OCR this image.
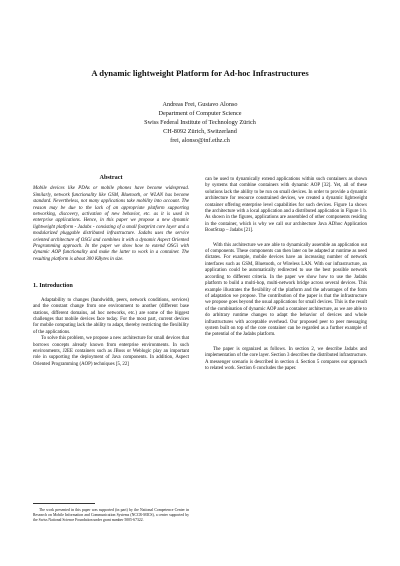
A dynamic lightweight Platform for Ad-hoc Infrastructures
Andreas Frei, Gustavo Alonso
Department of Computer Science
Swiss Federal Institute of Technology Zürich
CH-8092 Zürich, Switzerland
frei, alonso@inf.ethz.ch
Abstract

Mobile devices like PDAs or mobile phones have become widespread. Similarly, network functionality like GSM, Bluetooth, or WLAN has become standard. Nevertheless, not many applications take mobility into account. The reason may be due to the lack of an appropriate platform supporting networking, discovery, activation of new behavior, etc. as it is used in enterprise applications. Hence, in this paper we propose a new dynamic lightweight platform - Jadabs - consisting of a small footprint core layer and a modularized pluggable distributed infrastructure. Jadabs uses the service oriented architecture of OSGi and combines it with a dynamic Aspect Oriented Programming approach. In the paper we show how to extend OSGi with dynamic AOP functionality and make the latter to work in a container. The resulting platform is about 300 KBytes in size.

1. Introduction

Adaptability to changes (bandwidth, peers, network conditions, services) and the constant change from one environment to another (different base stations, different domains, ad hoc networks, etc.) are some of the biggest challenges that mobile devices face today. For the most part, current devices for mobile computing lack the ability to adapt, thereby restricting the flexibility of the applications.

To solve this problem, we propose a new architecture for small devices that borrows concepts already known from enterprise environments. In such environments, J2EE containers such as JBoss or Weblogic play an important role in supporting the deployment of Java components. In addition, Aspect Oriented Programming (AOP) techniques [5, 22]

The work presented in this paper was supported (in part) by the National Competence Center in Research on Mobile Information and Communication Systems (NCCR-MICS), a center supported by the Swiss National Science Foundation under grant number 5005-67322.

can be used to dynamically extend applications within such containers as shown by systems that combine containers with dynamic AOP [32]. Yet, all of these solutions lack the ability to be run on small devices. In order to provide a dynamic architecture for resource constrained devices, we created a dynamic lightweight container offering enterprise level capabilities for such devices. Figure 1a shows the architecture with a local application and a distributed application in Figure 1 b. As shown in the figures, applications are assembled of other components residing in the container, which is why we call our architecture Java ADhoc Application BootStrap – Jadabs [21].

With this architecture we are able to dynamically assemble an application out of components. These components can then later on be adapted at runtime as need dictates. For example, mobile devices have an increasing number of network interfaces such as GSM, Bluetooth, or Wireless LAN. With our infrastructure, an application could be automatically redirected to use the best possible network according to different criteria. In the paper we show how to use the Jadabs platform to build a multi-hop, multi-network bridge across several devices. This example illustrates the flexibility of the platform and the advantages of the form of adaptation we propose. The contribution of the paper is that the infrastructure we propose goes beyond the usual applications for small devices. This is the result of the combination of dynamic AOP and a container architecture, as we are able to do arbitrary runtime changes to adapt the behavior of devices and whole infrastructures with acceptable overhead. Our proposed peer to peer messaging system built on top of the core container can be regarded as a further example of the potential of the Jadabs platform.

The paper is organized as follows. In section 2, we describe Jadabs and implementation of the core layer. Section 3 describes the distributed infrastructure. A messenger scenario is described in section 4. Section 5 compares our approach to related work. Section 6 concludes the paper.
